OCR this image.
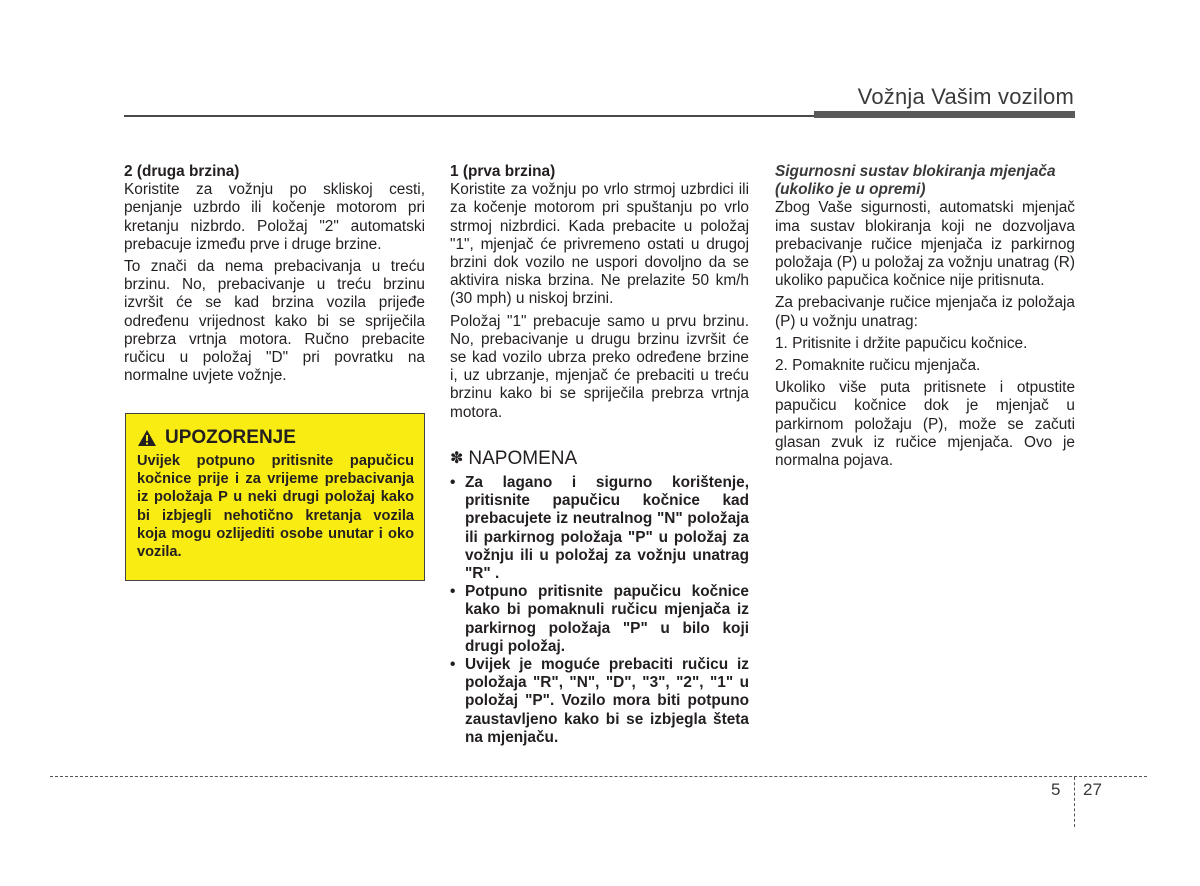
Vožnja Vašim vozilom
2 (druga brzina)

Koristite za vožnju po skliskoj cesti, penjanje uzbrdo ili kočenje motorom pri kretanju nizbrdo. Položaj "2" automatski prebacuje između prve i druge brzine.

To znači da nema prebacivanja u treću brzinu. No, prebacivanje u treću brzinu izvršit će se kad brzina vozila prijeđe određenu vrijednost kako bi se spriječila prebrza vrtnja motora. Ručno prebacite ručicu u položaj "D" pri povratku na normalne uvjete vožnje.

UPOZORENJE

Uvijek potpuno pritisnite papučicu kočnice prije i za vrijeme prebacivanja iz položaja P u neki drugi položaj kako bi izbjegli nehotično kretanja vozila koja mogu ozlijediti osobe unutar i oko vozila.

1 (prva brzina)

Koristite za vožnju po vrlo strmoj uzbrdici ili za kočenje motorom pri spuštanju po vrlo strmoj nizbrdici. Kada prebacite u položaj "1", mjenjač će privremeno ostati u drugoj brzini dok vozilo ne uspori dovoljno da se aktivira niska brzina. Ne prelazite 50 km/h (30 mph) u niskoj brzini.

Položaj "1" prebacuje samo u prvu brzinu. No, prebacivanje u drugu brzinu izvršit će se kad vozilo ubrza preko određene brzine i, uz ubrzanje, mjenjač će prebaciti u treću brzinu kako bi se spriječila prebrza vrtnja motora.

✽ NAPOMENA
• Za lagano i sigurno korištenje, pritisnite papučicu kočnice kad prebacujete iz neutralnog "N" položaja ili parkirnog položaja "P" u položaj za vožnju ili u položaj za vožnju unatrag "R" .
• Potpuno pritisnite papučicu kočnice kako bi pomaknuli ručicu mjenjača iz parkirnog položaja "P" u bilo koji drugi položaj.
• Uvijek je moguće prebaciti ručicu iz položaja "R", "N", "D", "3", "2", "1" u položaj "P". Vozilo mora biti potpuno zaustavljeno kako bi se izbjegla šteta na mjenjaču.
Sigurnosni sustav blokiranja mjenjača (ukoliko je u opremi)

Zbog Vaše sigurnosti, automatski mjenjač ima sustav blokiranja koji ne dozvoljava prebacivanje ručice mjenjača iz parkirnog položaja (P) u položaj za vožnju unatrag (R) ukoliko papučica kočnice nije pritisnuta.

Za prebacivanje ručice mjenjača iz položaja (P) u vožnju unatrag:

1. Pritisnite i držite papučicu kočnice.

2. Pomaknite ručicu mjenjača.

Ukoliko više puta pritisnete i otpustite papučicu kočnice dok je mjenjač u parkirnom položaju (P), može se začuti glasan zvuk iz ručice mjenjača. Ovo je normalna pojava.

5 27
